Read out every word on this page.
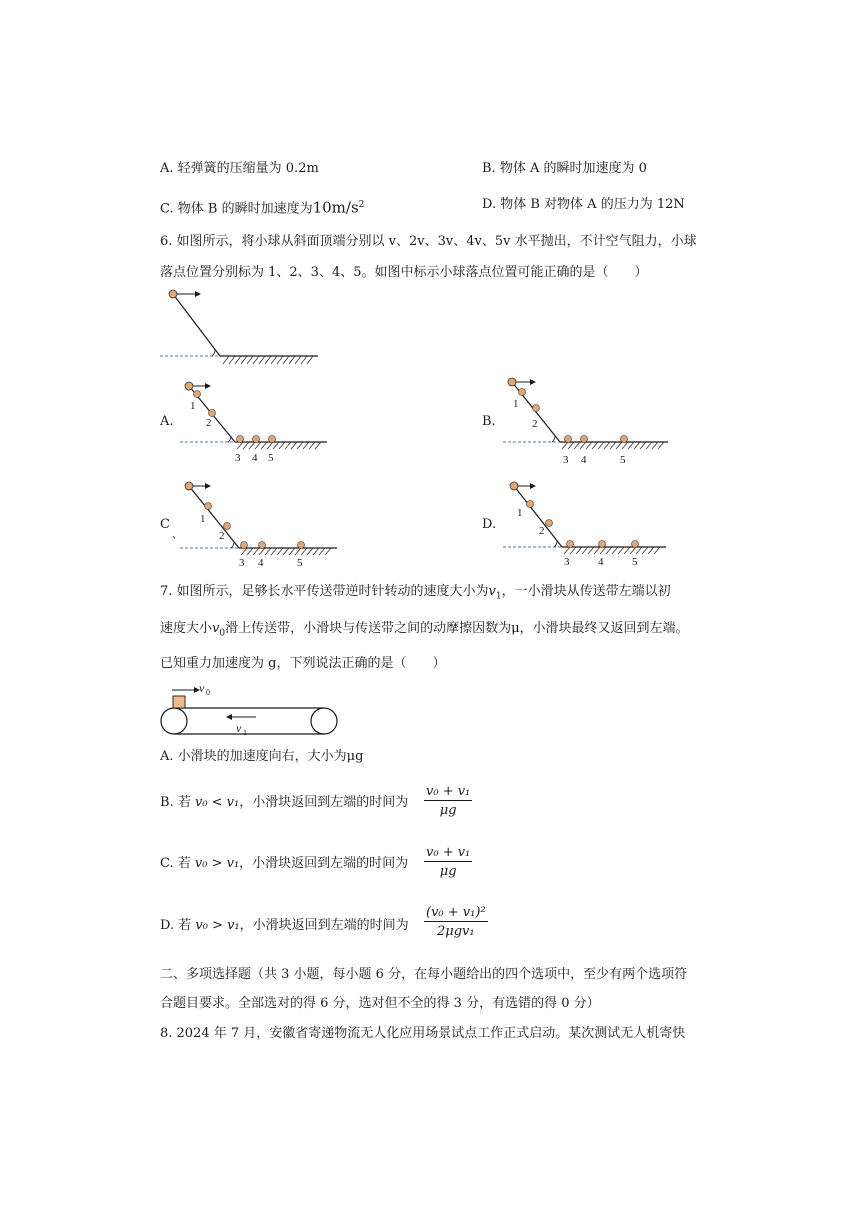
A. 轻弹簧的压缩量为 0.2m	B. 物体 A 的瞬时加速度为 0
C. 物体 B 的瞬时加速度为$10m/s^2$	D. 物体 B 对物体 A 的压力为 12N
6. 如图所示，将小球从斜面顶端分别以 v、2v、3v、4v、5v 水平抛出，不计空气阻力，小球
落点位置分别标为 1、2、3、4、5。如图中标示小球落点位置可能正确的是（　　）
A.
1
2
3 4 5
B.
1
2
3 4	5
$C_、$
1
2
3 4	5
D.
1
2
3	4	5
7. 如图所示，足够长水平传送带逆时针转动的速度大小为$v_1$，一小滑块从传送带左端以初
速度大小$v_0$滑上传送带，小滑块与传送带之间的动摩擦因数为μ，小滑块最终又返回到左端。
已知重力加速度为 g，下列说法正确的是（　　）
v 0
v 1
A. 小滑块的加速度向右，大小为μg
B. 若 v₀ < v₁，小滑块返回到左端的时间为 $\frac{\text{v₀ + v₁}}{\mu g}$
C. 若 v₀ > v₁，小滑块返回到左端的时间为 $\frac{\text{v₀ + v₁}}{\mu g}$
D. 若 v₀ > v₁，小滑块返回到左端的时间为
(v₀ + v₁)²
2μgv₁
二、多项选择题（共 3 小题，每小题 6 分，在每小题给出的四个选项中，至少有两个选项符
合题目要求。全部选对的得 6 分，选对但不全的得 3 分，有选错的得 0 分）
8. 2024 年 7 月，安徽省寄递物流无人化应用场景试点工作正式启动。某次测试无人机寄快
